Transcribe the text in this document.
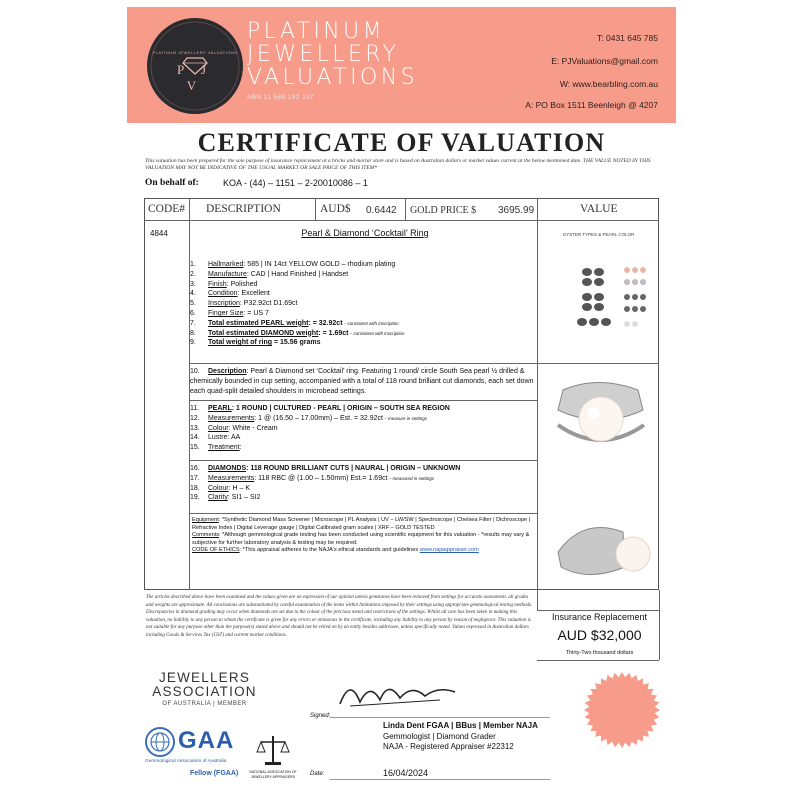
PLATINUM JEWELLERY VALUATIONS
P J V
PLATINUM
JEWELLERY
VALUATIONS
ABN 11 588 192 137
T: 0431 645 785
E: PJValuations@gmail.com
W: www.bearbling.com.au
A: PO Box 1511 Beenleigh @ 4207
CERTIFICATE OF VALUATION
This valuation has been prepared for the sole purpose of insurance replacement at a bricks and mortar store and is based on Australian dollars or market values current at the below mentioned date. THE VALUE NOTED IN THIS VALUATION MAY NOT BE INDICATIVE OF THE USUAL MARKET OR SALE PRICE OF THIS ITEM*
On behalf of:	KOA - (44) – 1151 – 2-20010086 – 1
CODE# DESCRIPTION	AUD$ 0.6442 GOLD PRICE $ 3695.99	VALUE
4844	Pearl & Diamond ‘Cocktail’ Ring
1. Hallmarked: 585 | IN 14ct YELLOW GOLD – rhodium plating
2. Manufacture: CAD | Hand Finished | Handset
3. Finish: Polished
4. Condition: Excellent
5. Inscription: P32.92ct D1.69ct
6. Finger Size: = US 7
7. Total estimated PEARL weight: = 32.92ct – consistent with inscription
8. Total estimated DIAMOND weight: = 1.69ct – consistent with inscription
9. Total weight of ring = 15.56 grams
10. Description: Pearl & Diamond set ‘Cocktail’ ring. Featuring 1 round/ circle South Sea pearl ½ drilled & chemically bounded in cup setting, accompanied with a total of 118 round brilliant cut diamonds, each set down each quad-split detailed shoulders in microbead settings.
11. PEARL: 1 ROUND | CULTURED - PEARL | ORIGIN – SOUTH SEA REGION
12. Measurements: 1 @ (16.50 – 17.00mm) – Est. = 32.92ct – measure in settings
13. Colour: White - Cream
14. Lustre: AA
15. Treatment:
16. DIAMONDS: 118 ROUND BRILLIANT CUTS | NAURAL | ORIGIN – UNKNOWN
17. Measurements: 118 RBC @ (1.00 – 1.50mm) Est.= 1.69ct – measured in settings
18. Colour: H – K
19. Clarity: SI1 – SI2
Equipment: *Synthetic Diamond Mass Screener | Microscope | PL Analysis | UV – LW/SW | Spectroscope | Chelsea Filter | Dichroscope | Refractive Index | Digital Leverage gauge | Digital Calibrated gram scales | XRF – GOLD TESTED
Comments: *Although gemmological grade testing has been conducted using scientific equipment for this valuation - *results may vary & subjective for further laboratory analysis & testing may be required.
CODE OF ETHICS: *This appraisal adheres to the NAJA's ethical standards and guidelines www.najaappraiser.com
OYSTER TYPES & PEARL COLOR
The articles described above have been examined and the values given are an expression of our opinion unless gemstones have been removed from settings for accurate assessment, all grades and weights are approximate. All conclusions are substantiated by careful examination of the items within limitations imposed by their settings using appropriate gemmological testing methods. Discrepancies in diamond grading may occur when diamonds are set due to the colour of the precious metal and restrictions of the settings. Whilst all care has been taken in making this valuation, no liability to any person to whom the certificate is given for any errors or omissions in the certificate, including any liability to any person by reason of negligence. This valuation is not suitable for any purpose other than the purpose(s) stated above and should not be relied on by an entity besides addressee, unless specifically noted. Values expressed in Australian dollars including Goods & Services Tax (GST) and current market conditions.
Insurance Replacement
AUD $32,000
Thirty-Two thousand dollars
JEWELLERS
ASSOCIATION
OF AUSTRALIA | MEMBER
GAA
Gemmological Association of Australia
Fellow (FGAA)	NATIONAL ASSOCIATION OF JEWELLERY APPRAISERS
Signed:
Linda Dent FGAA | BBus | Member NAJA
Gemmologist | Diamond Grader
NAJA - Registered Appraiser #22312
Date:	16/04/2024
